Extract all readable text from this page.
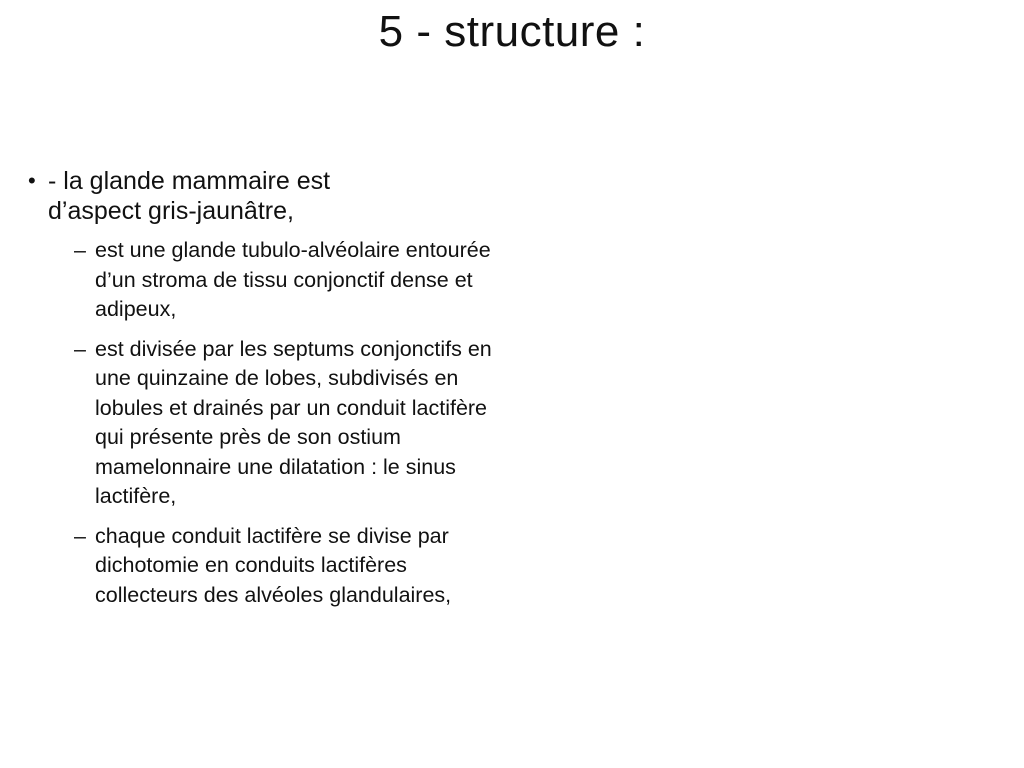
5 - structure :
• - la glande mammaire est d’aspect gris-jaunâtre,
– est une glande tubulo-alvéolaire entourée d’un stroma de tissu conjonctif dense et adipeux,
– est divisée par les septums conjonctifs en une quinzaine de lobes, subdivisés en lobules et drainés par un conduit lactifère qui présente près de son ostium mamelonnaire une dilatation : le sinus lactifère,
– chaque conduit lactifère se divise par dichotomie en conduits lactifères collecteurs des alvéoles glandulaires,
